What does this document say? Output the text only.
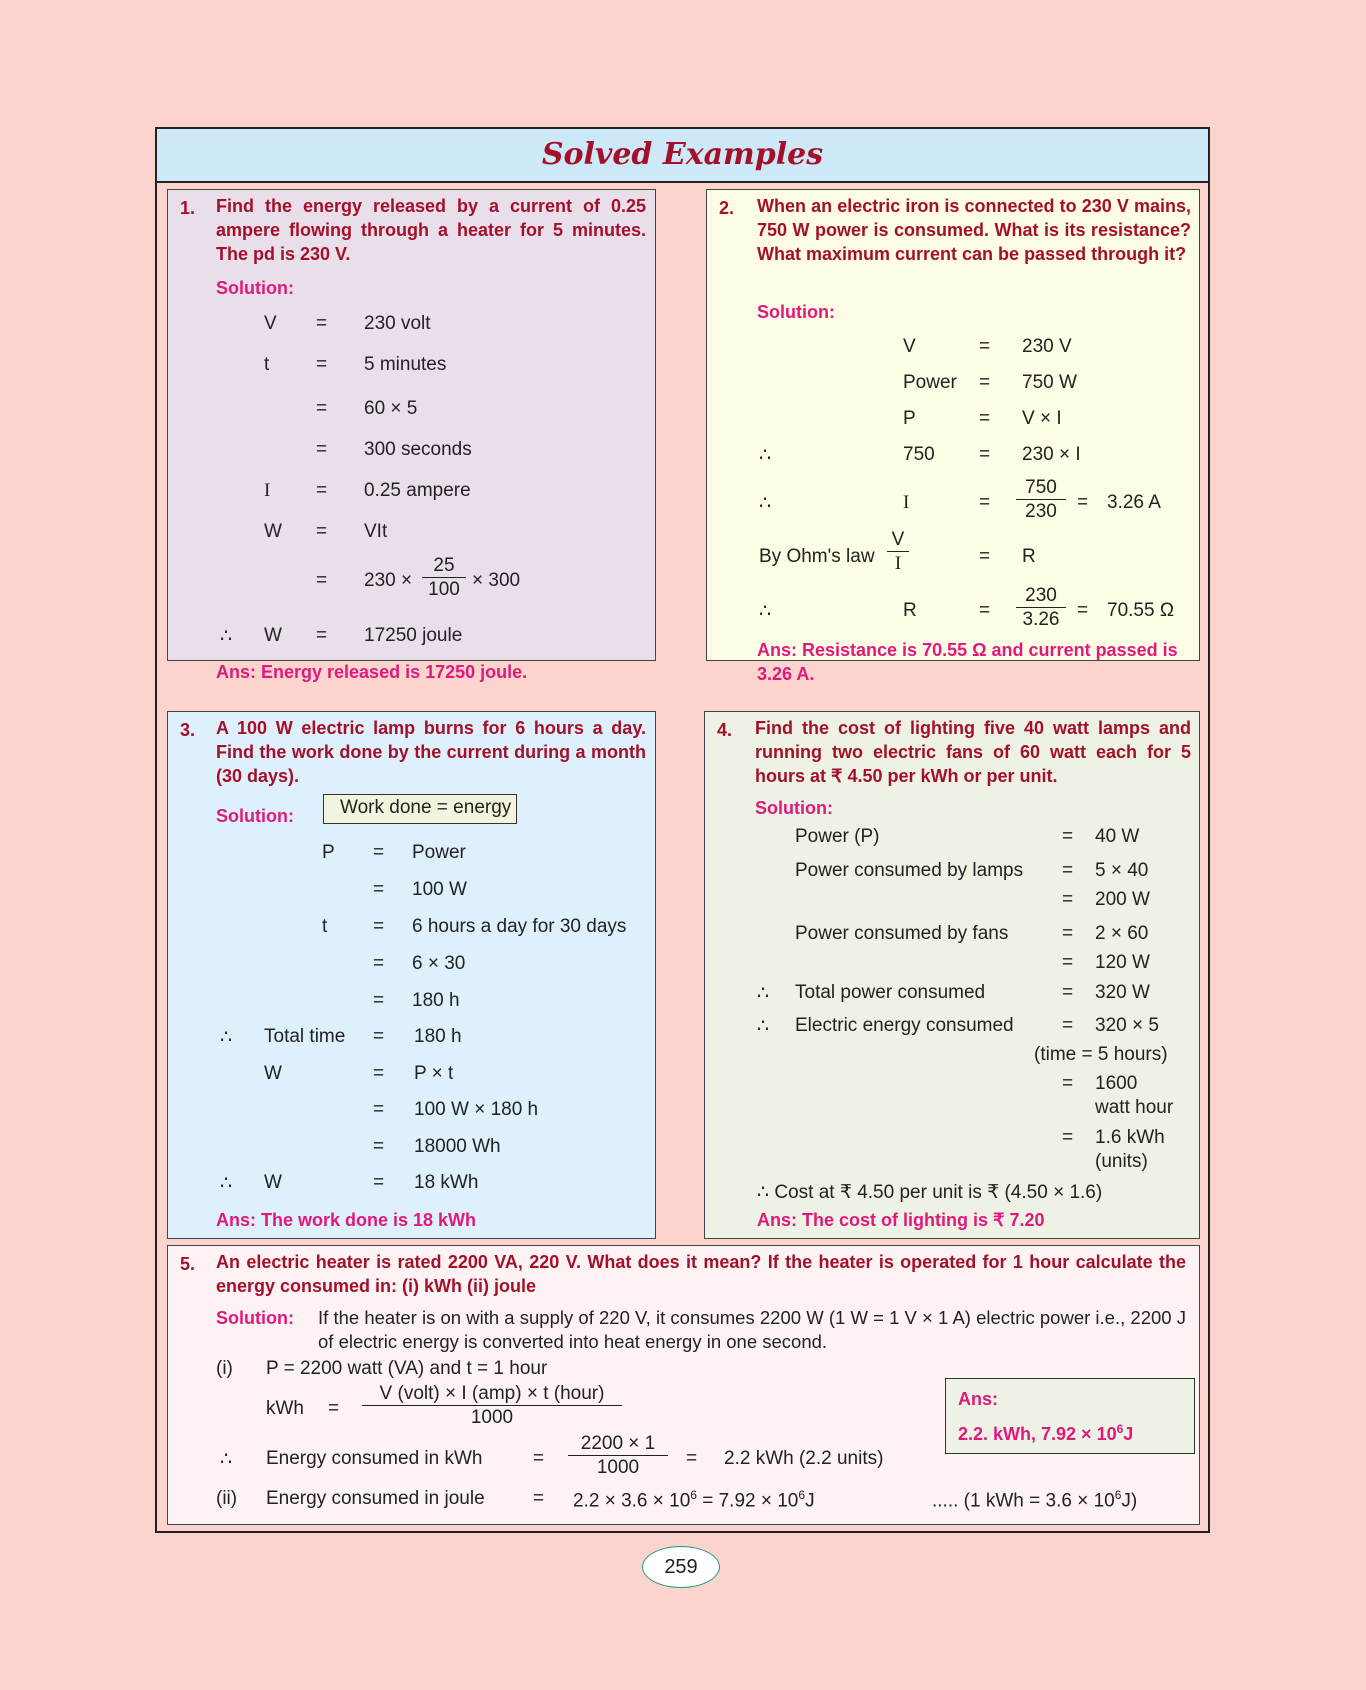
Solved Examples
1. Find the energy released by a current of 0.25 ampere flowing through a heater for 5 minutes. The pd is 230 V.
Solution:
V = 230 volt
t = 5 minutes
= 60 × 5
= 300 seconds
I = 0.25 ampere
W = VIt
= $230 \times \frac{25}{100} \times 300$
∴ W = 17250 joule
Ans: Energy released is 17250 joule.
2. When an electric iron is connected to 230 V mains, 750 W power is consumed. What is its resistance? What maximum current can be passed through it?
Solution:
V	= 230 V
Power = 750 W
P	= V × I
∴	750 = 230 × I
∴	I	= $\frac{750}{230} = 3.26$ A
By Ohm's law $\frac{V}{I}$	= R
∴	R	= $\frac{230}{3.26} = 70.55$ Ω
Ans: Resistance is 70.55 Ω and current passed is 3.26 A.
3. A 100 W electric lamp burns for 6 hours a day. Find the work done by the current during a month (30 days).
Solution:	Work done = energy
P = Power
= 100 W
t = 6 hours a day for 30 days
= 6 × 30
= 180 h
∴ Total time = 180 h
W	= P × t
= 100 W × 180 h
= 18000 Wh
∴ W	= 18 kWh
Ans: The work done is 18 kWh
4. Find the cost of lighting five 40 watt lamps and running two electric fans of 60 watt each for 5 hours at ₹ 4.50 per kWh or per unit.
Solution:
Power (P)	= 40 W
Power consumed by lamps = 5 × 40
= 200 W
Power consumed by fans	= 2 × 60
= 120 W
∴ Total power consumed	= 320 W
∴ Electric energy consumed	= 320 × 5
(time = 5 hours)
= 1600
watt hour
= 1.6 kWh
(units)
∴ Cost at ₹ 4.50 per unit is ₹ (4.50 × 1.6)
Ans: The cost of lighting is ₹ 7.20
5. An electric heater is rated 2200 VA, 220 V. What does it mean? If the heater is operated for 1 hour calculate the energy consumed in: (i) kWh (ii) joule
Solution: If the heater is on with a supply of 220 V, it consumes 2200 W (1 W = 1 V × 1 A) electric power i.e., 2200 J of electric energy is converted into heat energy in one second.
(i) P = 2200 watt (VA) and t = 1 hour
kWh =
V (volt) × I (amp) × t (hour)
1000
∴ Energy consumed in kWh	= $\frac{2200 \times 1}{1000} = 2.2$ kWh (2.2 units)
(ii) Energy consumed in joule	= $2.2 \times 3.6 \times 10^6 = 7.92 \times 10^6J$	..... (1 kWh = $3.6 \times 10^6J$)
Ans:
2.2. kWh, $7.92 \times 10^6J$
259
